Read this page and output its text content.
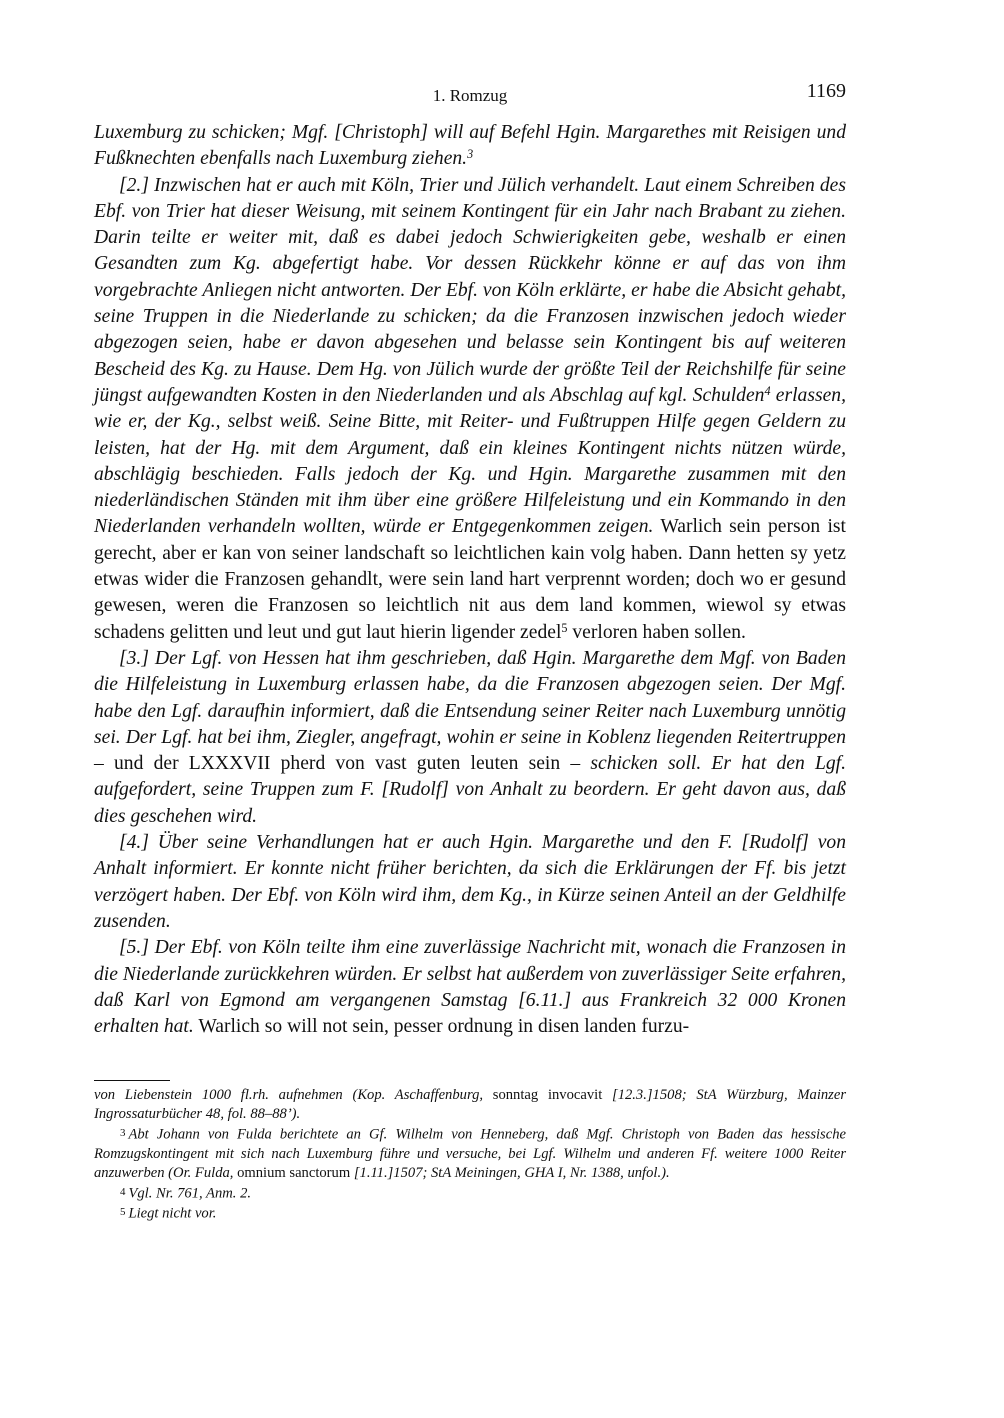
1. Romzug	1169

Luxemburg zu schicken; Mgf. [Christoph] will auf Befehl Hgin. Margarethes mit Reisigen und Fußknechten ebenfalls nach Luxemburg ziehen.$^3$

[2.] Inzwischen hat er auch mit Köln, Trier und Jülich verhandelt. Laut einem Schreiben des Ebf. von Trier hat dieser Weisung, mit seinem Kontingent für ein Jahr nach Brabant zu ziehen. Darin teilte er weiter mit, daß es dabei jedoch Schwierigkeiten gebe, weshalb er einen Gesandten zum Kg. abgefertigt habe. Vor dessen Rückkehr könne er auf das von ihm vorgebrachte Anliegen nicht antworten. Der Ebf. von Köln erklärte, er habe die Absicht gehabt, seine Truppen in die Niederlande zu schicken; da die Franzosen inzwischen jedoch wieder abgezogen seien, habe er davon abgesehen und belasse sein Kontingent bis auf weiteren Bescheid des Kg. zu Hause. Dem Hg. von Jülich wurde der größte Teil der Reichshilfe für seine jüngst aufgewandten Kosten in den Niederlanden und als Abschlag auf kgl. Schulden$^4$ erlassen, wie er, der Kg., selbst weiß. Seine Bitte, mit Reiter- und Fußtruppen Hilfe gegen Geldern zu leisten, hat der Hg. mit dem Argument, daß ein kleines Kontingent nichts nützen würde, abschlägig beschieden. Falls jedoch der Kg. und Hgin. Margarethe zusammen mit den niederländischen Ständen mit ihm über eine größere Hilfeleistung und ein Kommando in den Niederlanden verhandeln wollten, würde er Entgegenkommen zeigen. Warlich sein person ist gerecht, aber er kan von seiner landschaft so leichtlichen kain volg haben. Dann hetten sy yetz etwas wider die Franzosen gehandlt, were sein land hart verprennt worden; doch wo er gesund gewesen, weren die Franzosen so leichtlich nit aus dem land kommen, wiewol sy etwas schadens gelitten und leut und gut laut hierin ligender zedel$^5$ verloren haben sollen.

[3.] Der Lgf. von Hessen hat ihm geschrieben, daß Hgin. Margarethe dem Mgf. von Baden die Hilfeleistung in Luxemburg erlassen habe, da die Franzosen abgezogen seien. Der Mgf. habe den Lgf. daraufhin informiert, daß die Entsendung seiner Reiter nach Luxemburg unnötig sei. Der Lgf. hat bei ihm, Ziegler, angefragt, wohin er seine in Koblenz liegenden Reitertruppen – und der LXXXVII pherd von vast guten leuten sein – schicken soll. Er hat den Lgf. aufgefordert, seine Truppen zum F. [Rudolf] von Anhalt zu beordern. Er geht davon aus, daß dies geschehen wird.

[4.] Über seine Verhandlungen hat er auch Hgin. Margarethe und den F. [Rudolf] von Anhalt informiert. Er konnte nicht früher berichten, da sich die Erklärungen der Ff. bis jetzt verzögert haben. Der Ebf. von Köln wird ihm, dem Kg., in Kürze seinen Anteil an der Geldhilfe zusenden.

[5.] Der Ebf. von Köln teilte ihm eine zuverlässige Nachricht mit, wonach die Franzosen in die Niederlande zurückkehren würden. Er selbst hat außerdem von zuverlässiger Seite erfahren, daß Karl von Egmond am vergangenen Samstag [6.11.] aus Frankreich 32 000 Kronen erhalten hat. Warlich so will not sein, pesser ordnung in disen landen furzu-

von Liebenstein 1000 fl.rh. aufnehmen (Kop. Aschaffenburg, sonntag invocavit [12.3.]1508; StA Würzburg, Mainzer Ingrossaturbücher 48, fol. 88–88’).

3 Abt Johann von Fulda berichtete an Gf. Wilhelm von Henneberg, daß Mgf. Christoph von Baden das hessische Romzugskontingent mit sich nach Luxemburg führe und versuche, bei Lgf. Wilhelm und anderen Ff. weitere 1000 Reiter anzuwerben (Or. Fulda, omnium sanctorum [1.11.]1507; StA Meiningen, GHA I, Nr. 1388, unfol.).

4 Vgl. Nr. 761, Anm. 2.

5 Liegt nicht vor.
